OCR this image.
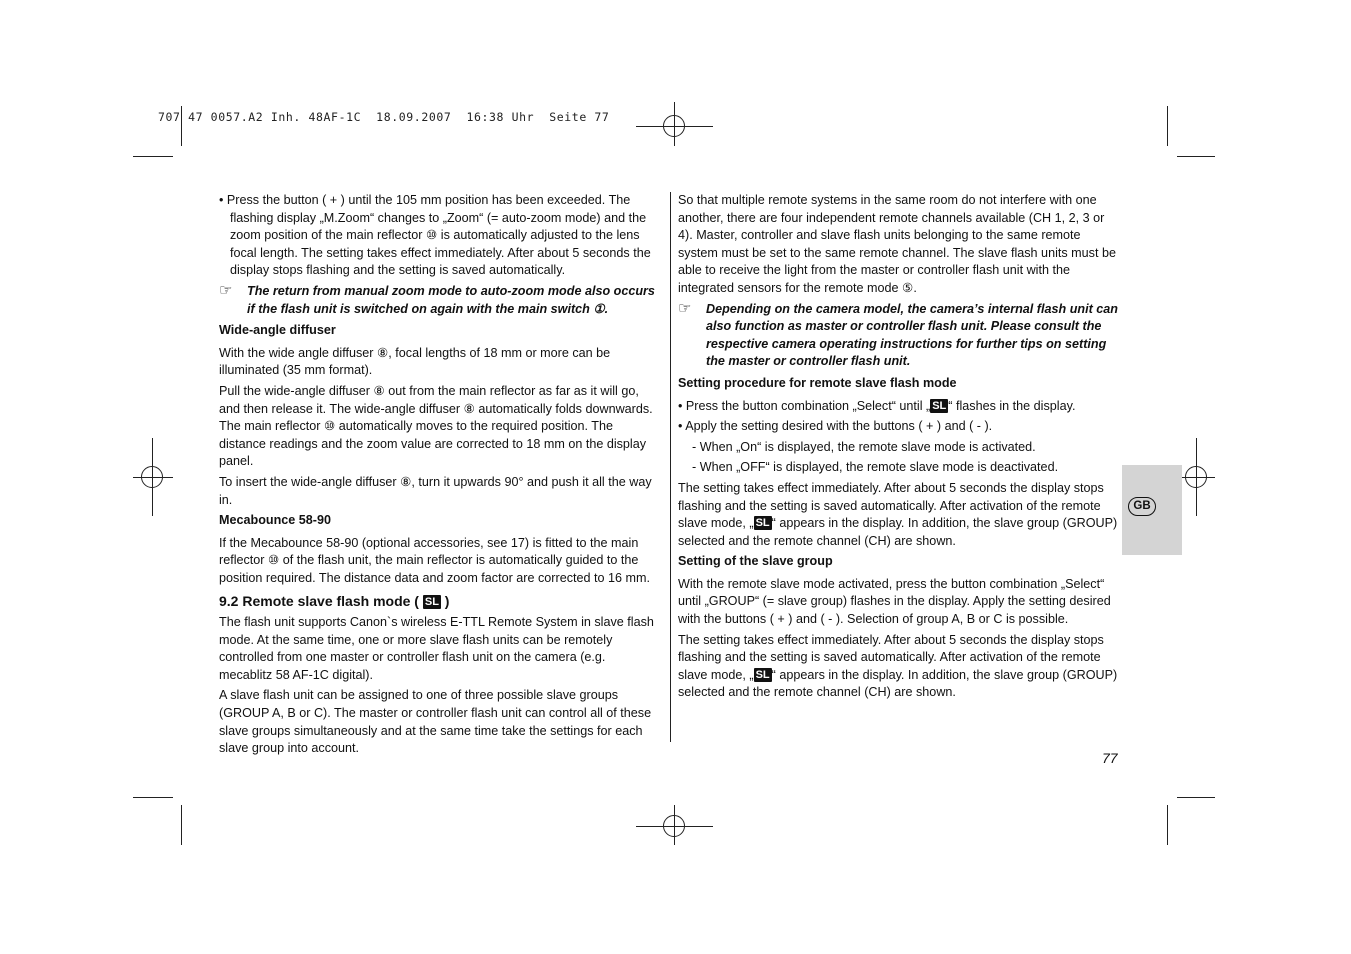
707 47 0057.A2 Inh. 48AF-1C  18.09.2007  16:38 Uhr  Seite 77

• Press the button ( + ) until the 105 mm position has been exceeded. The flashing display „M.Zoom“ changes to „Zoom“ (= auto-zoom mode) and the zoom position of the main reflector ⑩ is automatically adjusted to the lens focal length. The setting takes effect immediately. After about 5 seconds the display stops flashing and the setting is saved automatically.

☞ The return from manual zoom mode to auto-zoom mode also occurs if the flash unit is switched on again with the main switch ①.

Wide-angle diffuser

With the wide angle diffuser ⑧, focal lengths of 18 mm or more can be illuminated (35 mm format).

Pull the wide-angle diffuser ⑧ out from the main reflector as far as it will go, and then release it. The wide-angle diffuser ⑧ automatically folds downwards. The main reflector ⑩ automatically moves to the required position. The distance readings and the zoom value are corrected to 18 mm on the display panel.

To insert the wide-angle diffuser ⑧, turn it upwards 90° and push it all the way in.

Mecabounce 58-90

If the Mecabounce 58-90 (optional accessories, see 17) is fitted to the main reflector ⑩ of the flash unit, the main reflector is automatically guided to the position required. The distance data and zoom factor are corrected to 16 mm.

9.2 Remote slave flash mode ( SL )

The flash unit supports Canon`s wireless E-TTL Remote System in slave flash mode. At the same time, one or more slave flash units can be remotely controlled from one master or controller flash unit on the camera (e.g. mecablitz 58 AF-1C digital).

A slave flash unit can be assigned to one of three possible slave groups (GROUP A, B or C). The master or controller flash unit can control all of these slave groups simultaneously and at the same time take the settings for each slave group into account.

So that multiple remote systems in the same room do not interfere with one another, there are four independent remote channels available (CH 1, 2, 3 or 4). Master, controller and slave flash units belonging to the same remote system must be set to the same remote channel. The slave flash units must be able to receive the light from the master or controller flash unit with the integrated sensors for the remote mode ⑤.

☞ Depending on the camera model, the camera’s internal flash unit can also function as master or controller flash unit. Please consult the respective camera operating instructions for further tips on setting the master or controller flash unit.

Setting procedure for remote slave flash mode

• Press the button combination „Select“ until „ SL “ flashes in the display.

• Apply the setting desired with the buttons ( + ) and ( - ).

- When „On“ is displayed, the remote slave mode is activated.

- When „OFF“ is displayed, the remote slave mode is deactivated.

The setting takes effect immediately. After about 5 seconds the display stops flashing and the setting is saved automatically. After activation of the remote slave mode, „ SL “ appears in the display. In addition, the slave group (GROUP) selected and the remote channel (CH) are shown.

Setting of the slave group

With the remote slave mode activated, press the button combination „Select“ until „GROUP“ (= slave group) flashes in the display. Apply the setting desired with the buttons ( + ) and ( - ). Selection of group A, B or C is possible.

The setting takes effect immediately. After about 5 seconds the display stops flashing and the setting is saved automatically. After activation of the remote slave mode, „ SL “ appears in the display. In addition, the slave group (GROUP) selected and the remote channel (CH) are shown.

GB
77
